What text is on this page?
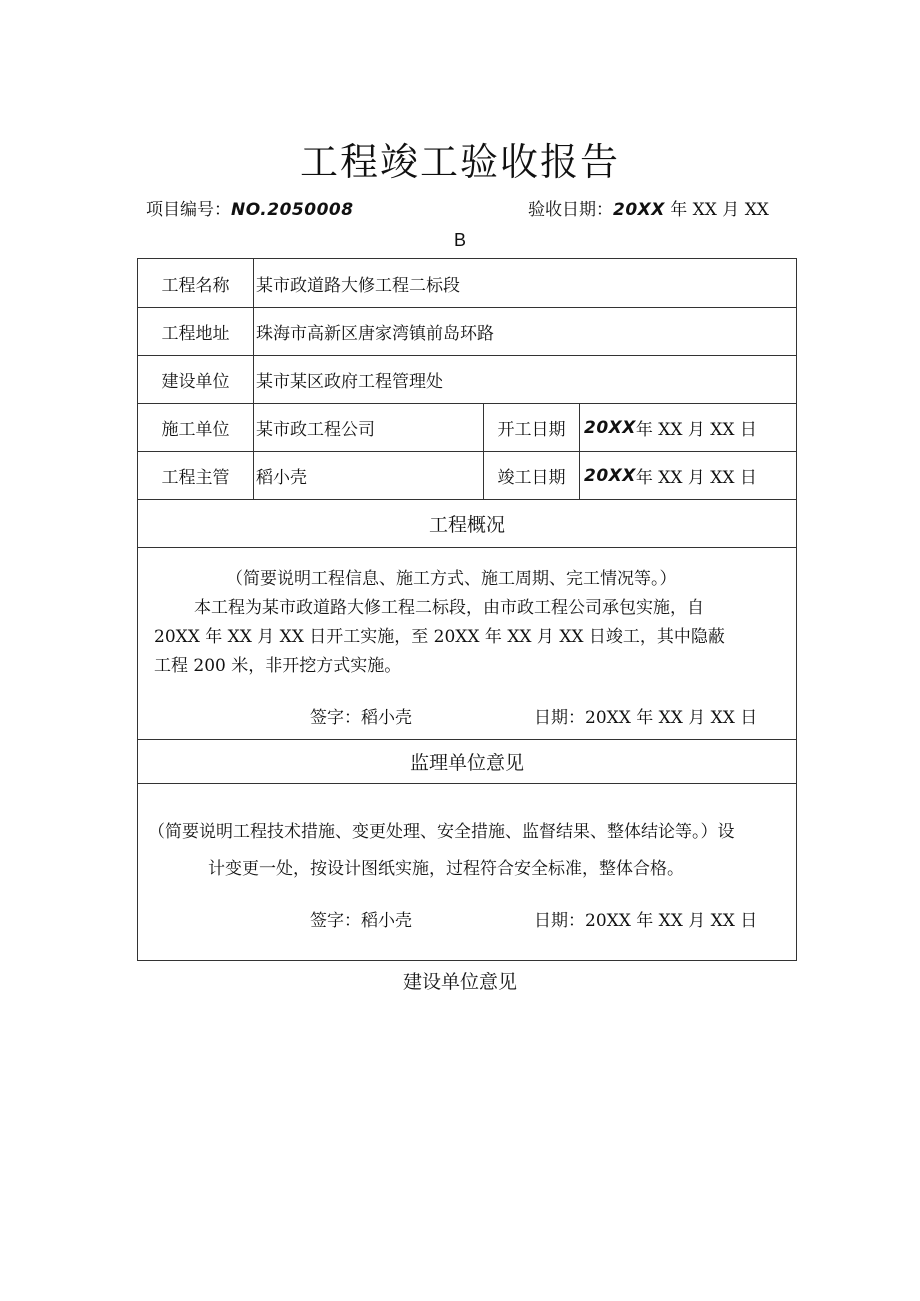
工程竣工验收报告
项目编号：NO.2050008	验收日期：20XX 年 XX 月 XX
B
工程名称	某市政道路大修工程二标段
工程地址	珠海市高新区唐家湾镇前岛环路
建设单位	某市某区政府工程管理处
施工单位	某市政工程公司	开工日期	20XX 年 XX 月 XX 日
工程主管	稻小壳	竣工日期	20XX 年 XX 月 XX 日
工程概况
（简要说明工程信息、施工方式、施工周期、完工情况等。）
本工程为某市政道路大修工程二标段，由市政工程公司承包实施，自
20XX 年 XX 月 XX 日开工实施，至 20XX 年 XX 月 XX 日竣工，其中隐蔽
工程 200 米，非开挖方式实施。
签字：稻小壳	日期：20XX 年 XX 月 XX 日
监理单位意见
（简要说明工程技术措施、变更处理、安全措施、监督结果、整体结论等。）设
计变更一处，按设计图纸实施，过程符合安全标准，整体合格。
签字：稻小壳	日期：20XX 年 XX 月 XX 日
建设单位意见
